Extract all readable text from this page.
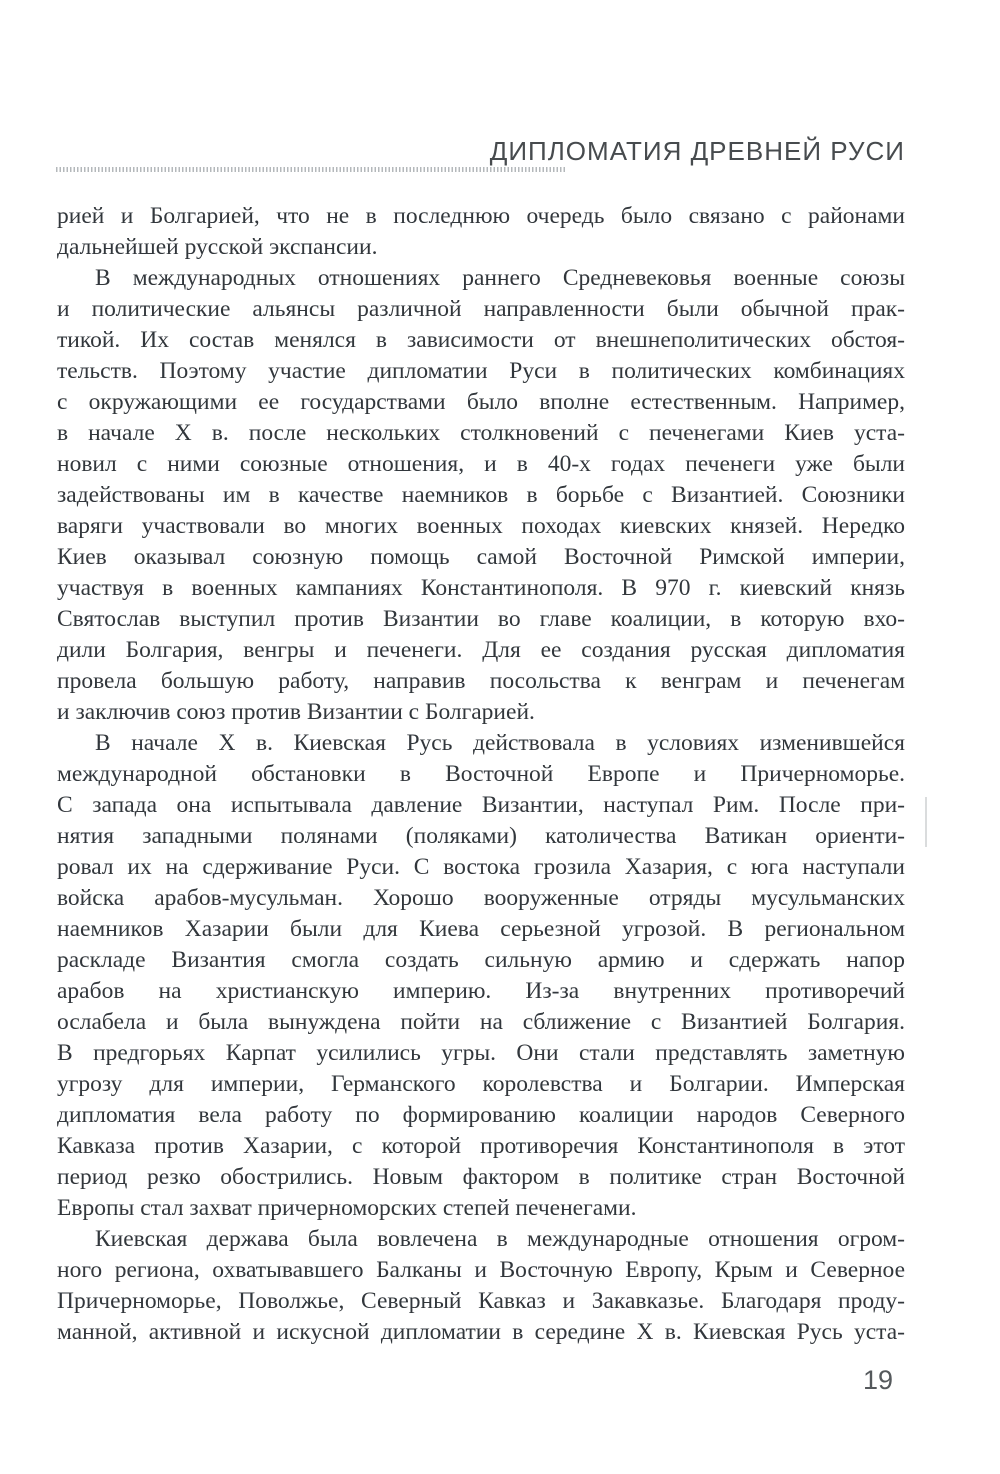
ДИПЛОМАТИЯ ДРЕВНЕЙ РУСИ
рией и Болгарией, что не в последнюю очередь было связано с районами
дальнейшей русской экспансии.
В международных отношениях раннего Средневековья военные союзы
и политические альянсы различной направленности были обычной прак-
тикой. Их состав менялся в зависимости от внешнеполитических обстоя-
тельств. Поэтому участие дипломатии Руси в политических комбинациях
с окружающими ее государствами было вполне естественным. Например,
в начале X в. после нескольких столкновений с печенегами Киев уста-
новил с ними союзные отношения, и в 40-х годах печенеги уже были
задействованы им в качестве наемников в борьбе с Византией. Союзники
варяги участвовали во многих военных походах киевских князей. Нередко
Киев оказывал союзную помощь самой Восточной Римской империи,
участвуя в военных кампаниях Константинополя. В 970 г. киевский князь
Святослав выступил против Византии во главе коалиции, в которую вхо-
дили Болгария, венгры и печенеги. Для ее создания русская дипломатия
провела большую работу, направив посольства к венграм и печенегам
и заключив союз против Византии с Болгарией.
В начале X в. Киевская Русь действовала в условиях изменившейся
международной обстановки в Восточной Европе и Причерноморье.
С запада она испытывала давление Византии, наступал Рим. После при-
нятия западными полянами (поляками) католичества Ватикан ориенти-
ровал их на сдерживание Руси. С востока грозила Хазария, с юга наступали
войска арабов-мусульман. Хорошо вооруженные отряды мусульманских
наемников Хазарии были для Киева серьезной угрозой. В региональном
раскладе Византия смогла создать сильную армию и сдержать напор
арабов на христианскую империю. Из-за внутренних противоречий
ослабела и была вынуждена пойти на сближение с Византией Болгария.
В предгорьях Карпат усилились угры. Они стали представлять заметную
угрозу для империи, Германского королевства и Болгарии. Имперская
дипломатия вела работу по формированию коалиции народов Северного
Кавказа против Хазарии, с которой противоречия Константинополя в этот
период резко обострились. Новым фактором в политике стран Восточной
Европы стал захват причерноморских степей печенегами.
Киевская держава была вовлечена в международные отношения огром-
ного региона, охватывавшего Балканы и Восточную Европу, Крым и Северное
Причерноморье, Поволжье, Северный Кавказ и Закавказье. Благодаря проду-
манной, активной и искусной дипломатии в середине X в. Киевская Русь уста-
19
